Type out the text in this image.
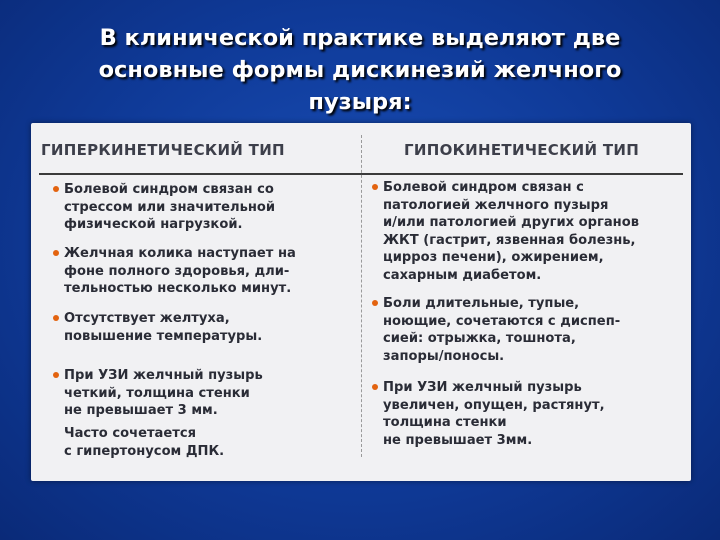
В клинической практике выделяют две
основные формы дискинезий желчного
пузыря:
ГИПЕРКИНЕТИЧЕСКИЙ ТИП
Болевой синдром связан со
стрессом или значительной
физической нагрузкой.
Желчная колика наступает на
фоне полного здоровья, дли-
тельностью несколько минут.
Отсутствует желтуха,
повышение температуры.
При УЗИ желчный пузырь
четкий, толщина стенки
не превышает 3 мм.
Часто сочетается
с гипертонусом ДПК.
ГИПОКИНЕТИЧЕСКИЙ ТИП
Болевой синдром связан с
патологией желчного пузыря
и/или патологией других органов
ЖКТ (гастрит, язвенная болезнь,
цирроз печени), ожирением,
сахарным диабетом.
Боли длительные, тупые,
ноющие, сочетаются с диспеп-
сией: отрыжка, тошнота,
запоры/поносы.
При УЗИ желчный пузырь
увеличен, опущен, растянут,
толщина стенки
не превышает 3мм.
